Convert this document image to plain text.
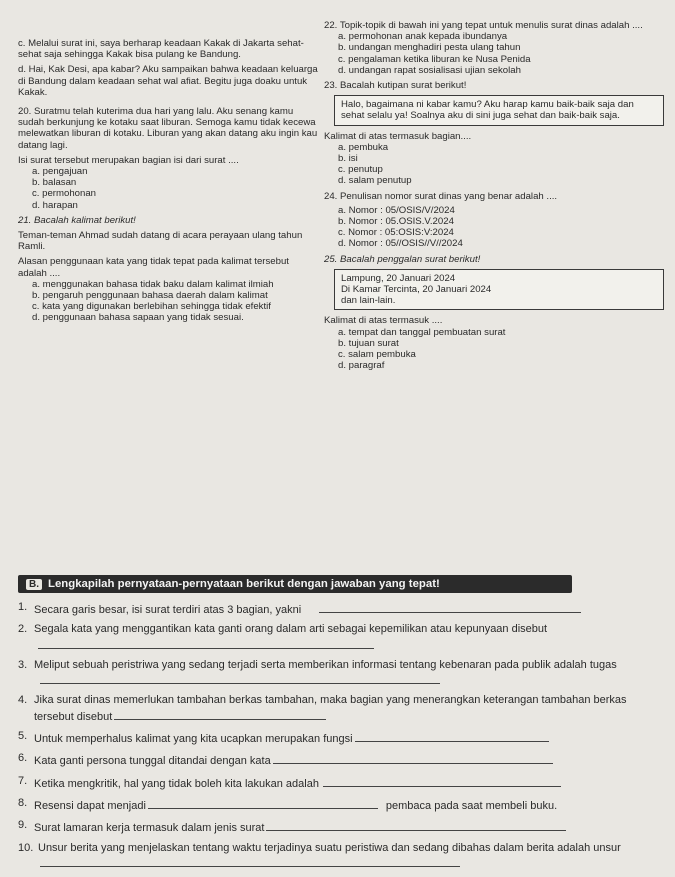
c. Melalui surat ini, saya berharap keadaan Kakak di Jakarta sehat-sehat saja sehingga Kakak bisa pulang ke Bandung.
d. Hai, Kak Desi, apa kabar? Aku sampaikan bahwa keadaan keluarga di Bandung dalam keadaan sehat wal afiat. Begitu juga doaku untuk Kakak.
20. Suratmu telah kuterima dua hari yang lalu. Aku senang kamu sudah berkunjung ke kotaku saat liburan. Semoga kamu tidak kecewa melewatkan liburan di kotaku. Liburan yang akan datang aku ingin kau datang lagi.
Isi surat tersebut merupakan bagian isi dari surat ....
a. pengajuan
b. balasan
c. permohonan
d. harapan
21. Bacalah kalimat berikut!
Teman-teman Ahmad sudah datang di acara perayaan ulang tahun Ramli.
Alasan penggunaan kata yang tidak tepat pada kalimat tersebut adalah ....
a. menggunakan bahasa tidak baku dalam kalimat ilmiah
b. pengaruh penggunaan bahasa daerah dalam kalimat
c. kata yang digunakan berlebihan sehingga tidak efektif
d. penggunaan bahasa sapaan yang tidak sesuai.
22. Topik-topik di bawah ini yang tepat untuk menulis surat dinas adalah ....
a. permohonan anak kepada ibundanya
b. undangan menghadiri pesta ulang tahun
c. pengalaman ketika liburan ke Nusa Penida
d. undangan rapat sosialisasi ujian sekolah
23. Bacalah kutipan surat berikut!

Halo, bagaimana ni kabar kamu? Aku harap kamu baik-baik saja dan sehat selalu ya! Soalnya aku di sini juga sehat dan baik-baik saja.

Kalimat di atas termasuk bagian....
a. pembuka
b. isi
c. penutup
d. salam penutup
24. Penulisan nomor surat dinas yang benar adalah ....
a. Nomor : 05/OSIS/V/2024
b. Nomor : 05.OSIS.V.2024
c. Nomor : 05:OSIS:V:2024
d. Nomor : 05//OSIS//V//2024
25. Bacalah penggalan surat berikut!

Lampung, 20 Januari 2024

Di Kamar Tercinta, 20 Januari 2024

dan lain-lain.

Kalimat di atas termasuk ....
a. tempat dan tanggal pembuatan surat
b. tujuan surat
c. salam pembuka
d. paragraf
B. Lengkapilah pernyataan-pernyataan berikut dengan jawaban yang tepat!
1. Secara garis besar, isi surat terdiri atas 3 bagian, yakni
2. Segala kata yang menggantikan kata ganti orang dalam arti sebagai kepemilikan atau kepunyaan disebut
3. Meliput sebuah peristriwa yang sedang terjadi serta memberikan informasi tentang kebenaran pada publik adalah tugas
4. Jika surat dinas memerlukan tambahan berkas tambahan, maka bagian yang menerangkan keterangan tambahan berkas tersebut disebut
5. Untuk memperhalus kalimat yang kita ucapkan merupakan fungsi
6. Kata ganti persona tunggal ditandai dengan kata
7. Ketika mengkritik, hal yang tidak boleh kita lakukan adalah
8. Resensi dapat menjadi	pembaca pada saat membeli buku.
9. Surat lamaran kerja termasuk dalam jenis surat
10. Unsur berita yang menjelaskan tentang waktu terjadinya suatu peristiwa dan sedang dibahas dalam berita adalah unsur
